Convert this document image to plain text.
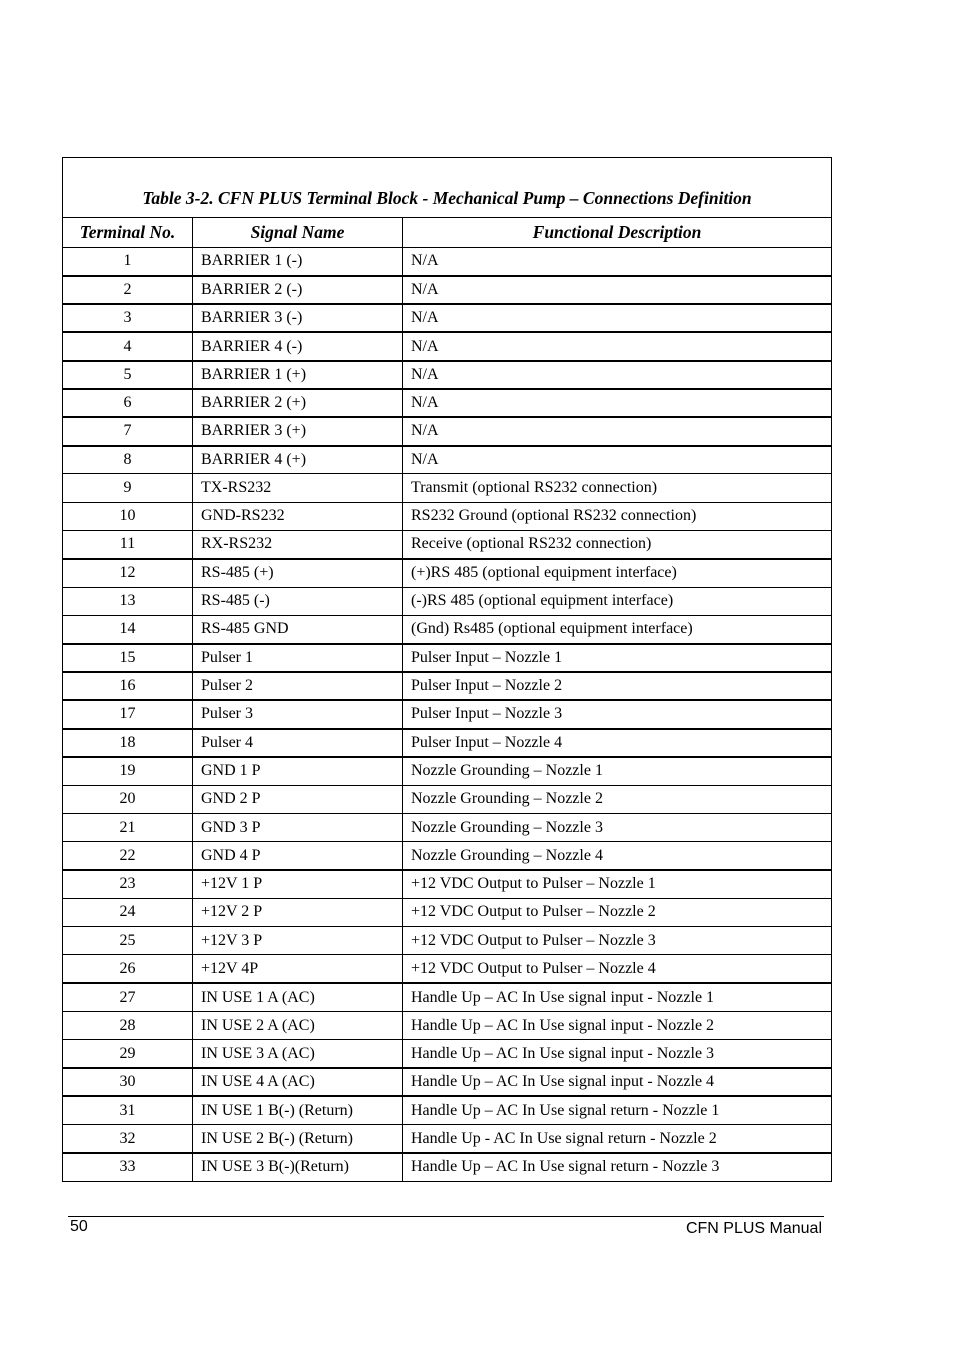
Table 3-2. CFN PLUS Terminal Block - Mechanical Pump – Connections Definition		
Terminal No.	Signal Name	Functional Description
1	BARRIER 1 (-)	N/A
2	BARRIER 2 (-)	N/A
3	BARRIER 3 (-)	N/A
4	BARRIER 4 (-)	N/A
5	BARRIER 1 (+)	N/A
6	BARRIER 2 (+)	N/A
7	BARRIER 3 (+)	N/A
8	BARRIER 4 (+)	N/A
9	TX-RS232	Transmit (optional RS232 connection)
10	GND-RS232	RS232 Ground (optional RS232 connection)
11	RX-RS232	Receive (optional RS232 connection)
12	RS-485 (+)	(+)RS 485 (optional equipment interface)
13	RS-485 (-)	(-)RS 485 (optional equipment interface)
14	RS-485 GND	(Gnd) Rs485 (optional equipment interface)
15	Pulser 1	Pulser Input – Nozzle 1
16	Pulser 2	Pulser Input – Nozzle 2
17	Pulser 3	Pulser Input – Nozzle 3
18	Pulser 4	Pulser Input – Nozzle 4
19	GND 1 P	Nozzle Grounding – Nozzle 1
20	GND 2 P	Nozzle Grounding – Nozzle 2
21	GND 3 P	Nozzle Grounding – Nozzle 3
22	GND 4 P	Nozzle Grounding – Nozzle 4
23	+12V 1 P	+12 VDC Output to Pulser – Nozzle 1
24	+12V 2 P	+12 VDC Output to Pulser – Nozzle 2
25	+12V 3 P	+12 VDC Output to Pulser – Nozzle 3
26	+12V 4P	+12 VDC Output to Pulser – Nozzle 4
27	IN USE 1 A (AC)	Handle Up – AC In Use signal input - Nozzle 1
28	IN USE 2 A (AC)	Handle Up – AC In Use signal input - Nozzle 2
29	IN USE 3 A (AC)	Handle Up – AC In Use signal input - Nozzle 3
30	IN USE 4 A (AC)	Handle Up – AC In Use signal input - Nozzle 4
31	IN USE 1 B(-) (Return)	Handle Up – AC In Use signal return - Nozzle 1
32	IN USE 2 B(-) (Return)	Handle Up - AC In Use signal return - Nozzle 2
33	IN USE 3 B(-)(Return)	Handle Up – AC In Use signal return - Nozzle 3
50	CFN PLUS Manual
